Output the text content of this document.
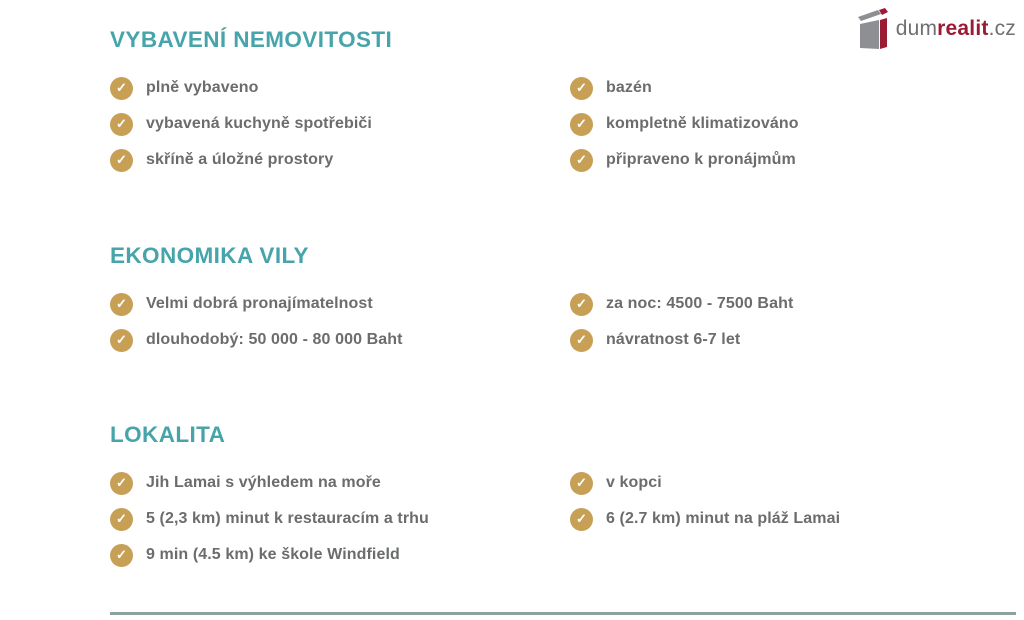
dumrealit.cz
VYBAVENÍ NEMOVITOSTI
✓	plně vybaveno	✓	bazén
✓	vybavená kuchyně spotřebiči	✓	kompletně klimatizováno
✓	skříně a úložné prostory	✓	připraveno k pronájmům
EKONOMIKA VILY
✓	Velmi dobrá pronajímatelnost	✓	za noc: 4500 - 7500 Baht
✓	dlouhodobý: 50 000 - 80 000 Baht	✓	návratnost 6-7 let
LOKALITA
✓	Jih Lamai s výhledem na moře	✓	v kopci
✓	5 (2,3 km) minut k restauracím a trhu	✓	6 (2.7 km) minut na pláž Lamai
✓	9 min (4.5 km) ke škole Windfield
